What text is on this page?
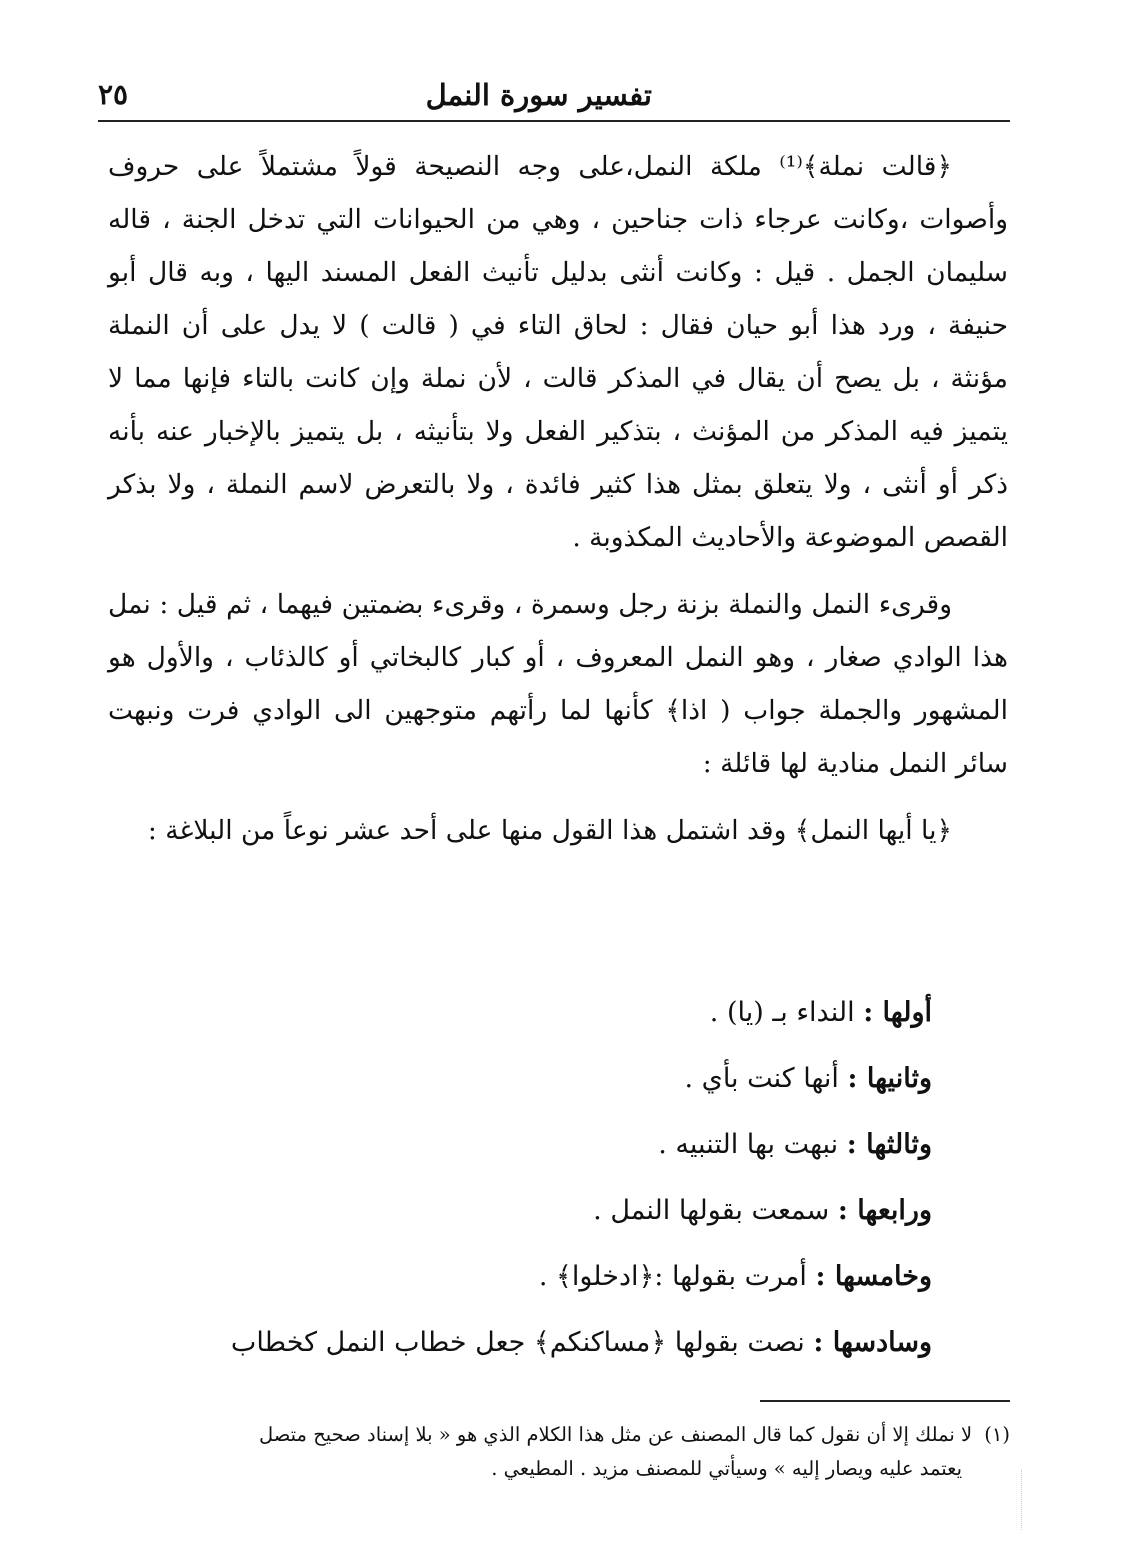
تفسير سورة النمل
٢٥

﴿قالت نملة﴾⁽¹⁾ ملكة النمل،على وجه النصيحة قولاً مشتملاً على حروف وأصوات ،وكانت عرجاء ذات جناحين ، وهي من الحيوانات التي تدخل الجنة ، قاله سليمان الجمل . قيل : وكانت أنثى بدليل تأنيث الفعل المسند اليها ، وبه قال أبو حنيفة ، ورد هذا أبو حيان فقال : لحاق التاء في ( قالت ) لا يدل على أن النملة مؤنثة ، بل يصح أن يقال في المذكر قالت ، لأن نملة وإن كانت بالتاء فإنها مما لا يتميز فيه المذكر من المؤنث ، بتذكير الفعل ولا بتأنيثه ، بل يتميز بالإخبار عنه بأنه ذكر أو أنثى ، ولا يتعلق بمثل هذا كثير فائدة ، ولا بالتعرض لاسم النملة ، ولا بذكر القصص الموضوعة والأحاديث المكذوبة .

وقرىء النمل والنملة بزنة رجل وسمرة ، وقرىء بضمتين فيهما ، ثم قيل : نمل هذا الوادي صغار ، وهو النمل المعروف ، أو كبار كالبخاتي أو كالذئاب ، والأول هو المشهور والجملة جواب ( اذا﴾ كأنها لما رأتهم متوجهين الى الوادي فرت ونبهت سائر النمل منادية لها قائلة :

﴿يا أيها النمل﴾ وقد اشتمل هذا القول منها على أحد عشر نوعاً من البلاغة :

أولها : النداء بـ (يا) .
وثانيها : أنها كنت بأي .
وثالثها : نبهت بها التنبيه .
ورابعها : سمعت بقولها النمل .
وخامسها : أمرت بقولها :﴿ادخلوا﴾ .
وسادسها : نصت بقولها ﴿مساكنكم﴾ جعل خطاب النمل كخطاب
(١) لا نملك إلا أن نقول كما قال المصنف عن مثل هذا الكلام الذي هو « بلا إسناد صحيح متصل
يعتمد عليه ويصار إليه » وسيأتي للمصنف مزيد . المطيعي .
